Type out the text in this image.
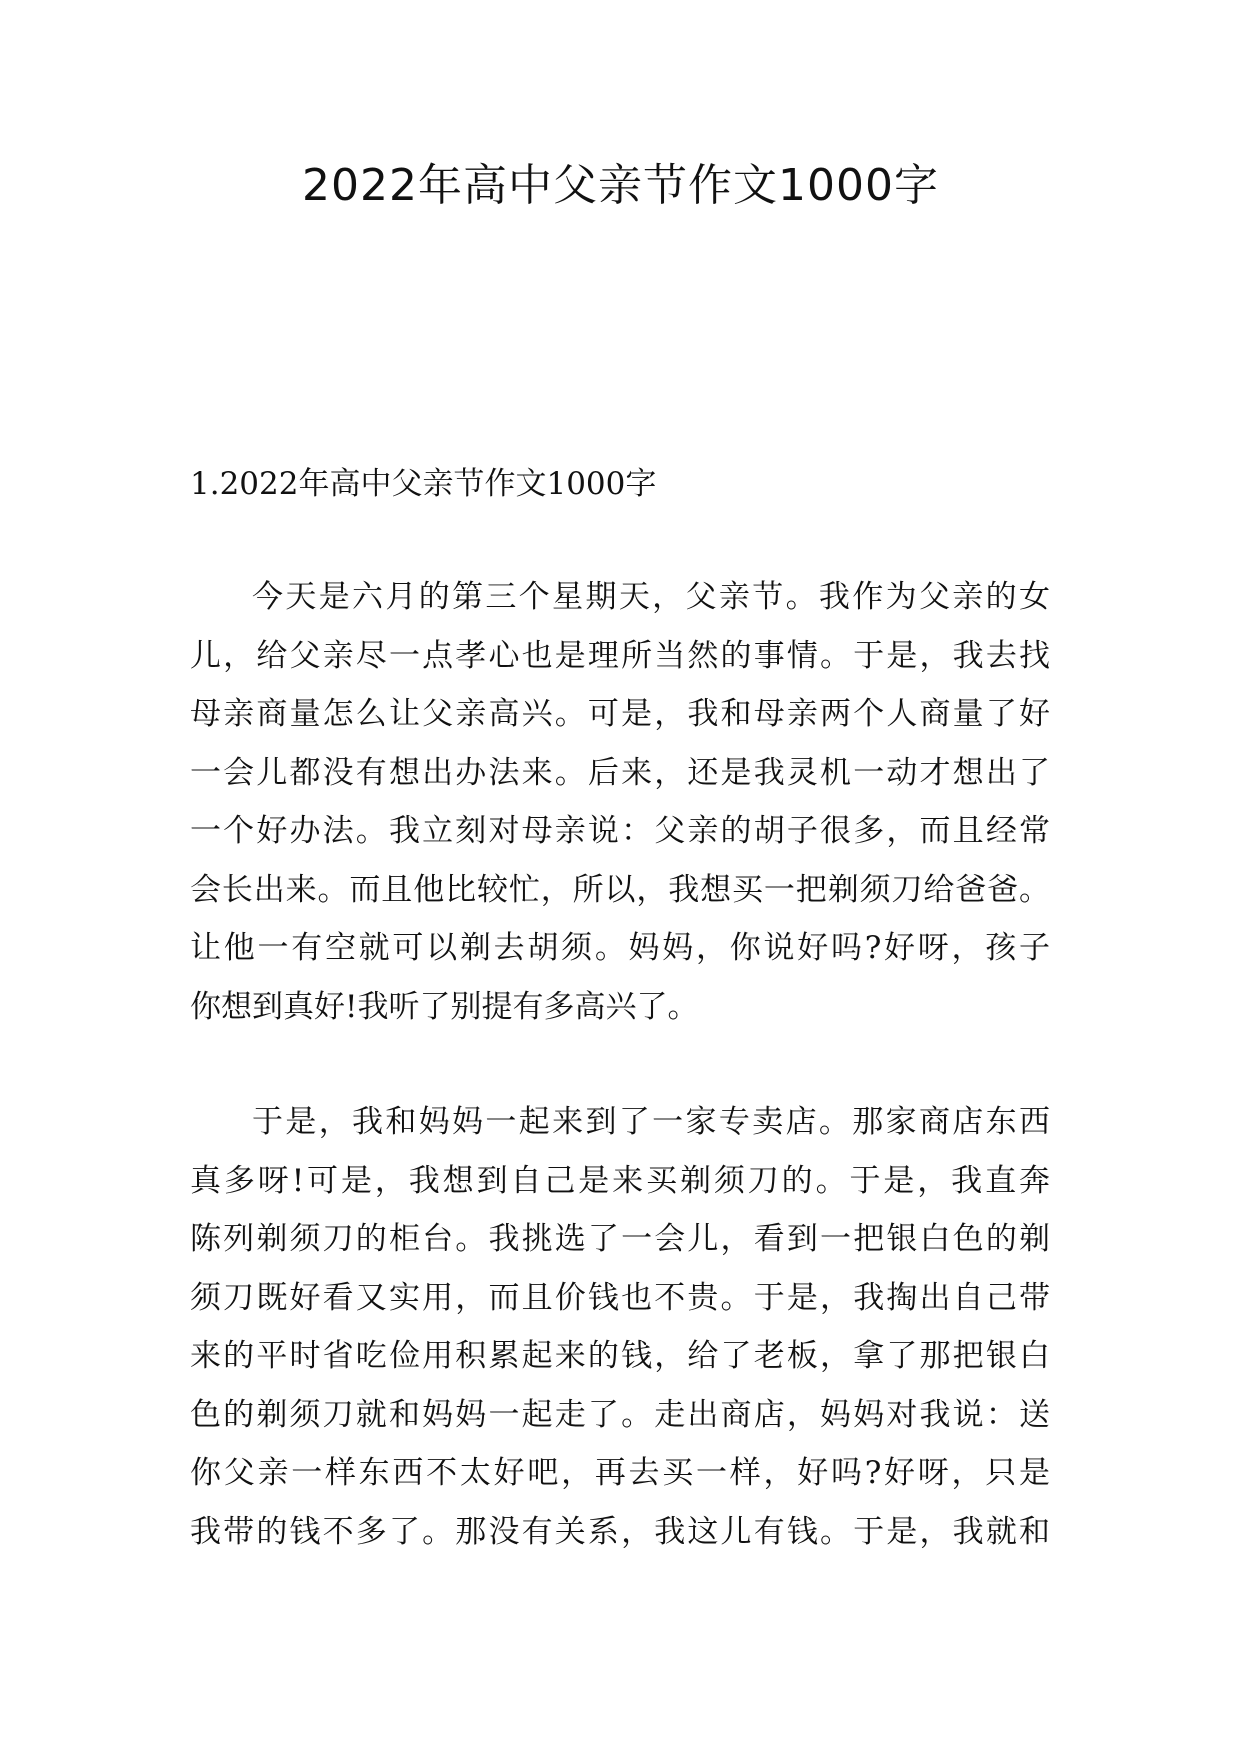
2022年高中父亲节作文1000字
1.2022年高中父亲节作文1000字
今天是六月的第三个星期天，父亲节。我作为父亲的女
儿，给父亲尽一点孝心也是理所当然的事情。于是，我去找
母亲商量怎么让父亲高兴。可是，我和母亲两个人商量了好
一会儿都没有想出办法来。后来，还是我灵机一动才想出了
一个好办法。我立刻对母亲说：父亲的胡子很多，而且经常
会长出来。而且他比较忙，所以，我想买一把剃须刀给爸爸。
让他一有空就可以剃去胡须。妈妈，你说好吗?好呀，孩子
你想到真好!我听了别提有多高兴了。
于是，我和妈妈一起来到了一家专卖店。那家商店东西
真多呀!可是，我想到自己是来买剃须刀的。于是，我直奔
陈列剃须刀的柜台。我挑选了一会儿，看到一把银白色的剃
须刀既好看又实用，而且价钱也不贵。于是，我掏出自己带
来的平时省吃俭用积累起来的钱，给了老板，拿了那把银白
色的剃须刀就和妈妈一起走了。走出商店，妈妈对我说：送
你父亲一样东西不太好吧，再去买一样，好吗?好呀，只是
我带的钱不多了。那没有关系，我这儿有钱。于是，我就和
